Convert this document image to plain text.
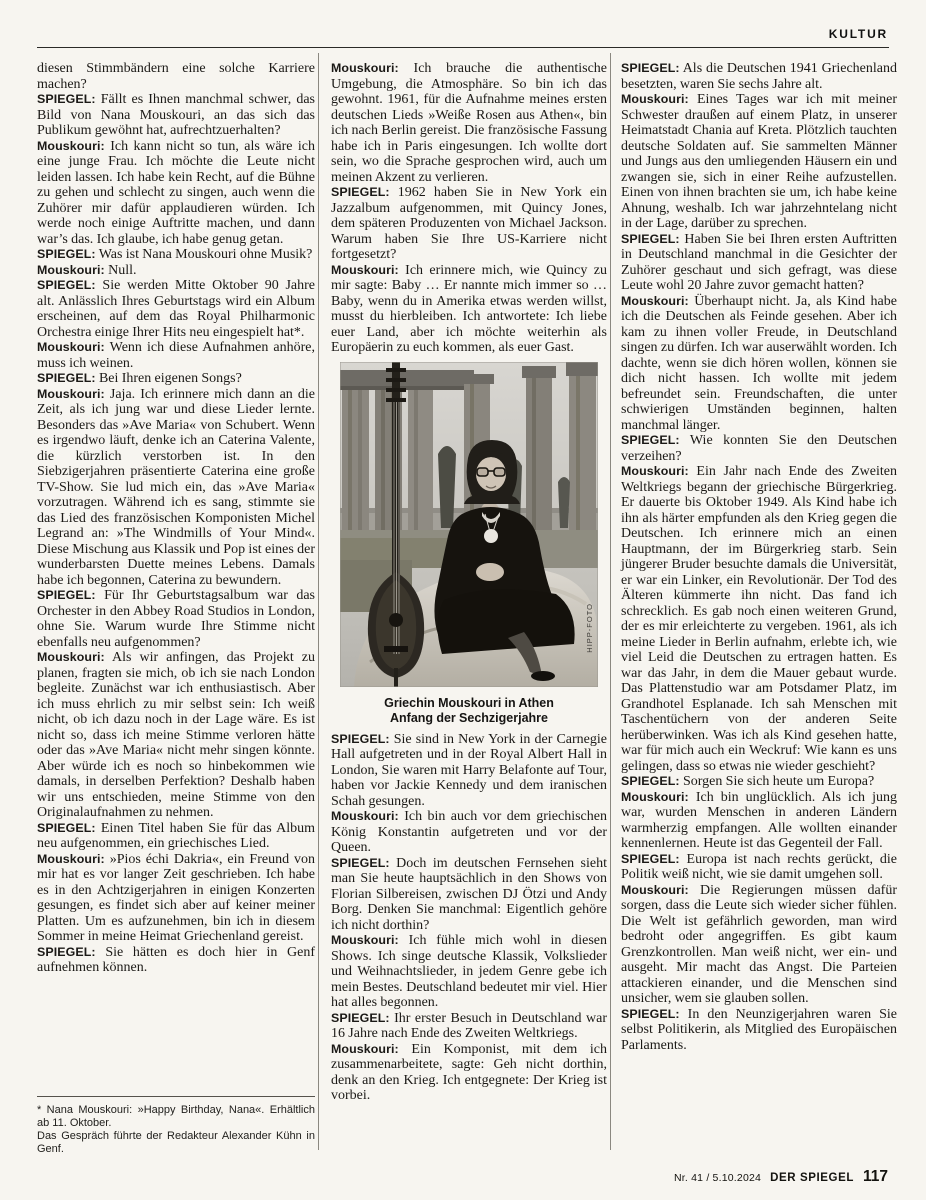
KULTUR

diesen Stimmbändern eine solche Karriere machen?

SPIEGEL: Fällt es Ihnen manchmal schwer, das Bild von Nana Mouskouri, an das sich das Publikum gewöhnt hat, aufrechtzuerhalten?

Mouskouri: Ich kann nicht so tun, als wäre ich eine junge Frau. Ich möchte die Leute nicht leiden lassen. Ich habe kein Recht, auf die Bühne zu gehen und schlecht zu singen, auch wenn die Zuhörer mir dafür applaudieren würden. Ich werde noch einige Auftritte machen, und dann war’s das. Ich glaube, ich habe genug getan.

SPIEGEL: Was ist Nana Mouskouri ohne Musik?

Mouskouri: Null.

SPIEGEL: Sie werden Mitte Oktober 90 Jahre alt. Anlässlich Ihres Geburtstags wird ein Album erscheinen, auf dem das Royal Philharmonic Orchestra einige Ihrer Hits neu eingespielt hat*.

Mouskouri: Wenn ich diese Aufnahmen anhöre, muss ich weinen.

SPIEGEL: Bei Ihren eigenen Songs?

Mouskouri: Jaja. Ich erinnere mich dann an die Zeit, als ich jung war und diese Lieder lernte. Besonders das »Ave Maria« von Schubert. Wenn es irgendwo läuft, denke ich an Caterina Valente, die kürzlich verstorben ist. In den Siebzigerjahren präsentierte Caterina eine große TV-Show. Sie lud mich ein, das »Ave Maria« vorzutragen. Während ich es sang, stimmte sie das Lied des französischen Komponisten Michel Legrand an: »The Windmills of Your Mind«. Diese Mischung aus Klassik und Pop ist eines der wunderbarsten Duette meines Lebens. Damals habe ich begonnen, Caterina zu bewundern.

SPIEGEL: Für Ihr Geburtstagsalbum war das Orchester in den Abbey Road Studios in London, ohne Sie. Warum wurde Ihre Stimme nicht ebenfalls neu aufgenommen?

Mouskouri: Als wir anfingen, das Projekt zu planen, fragten sie mich, ob ich sie nach London begleite. Zunächst war ich enthusiastisch. Aber ich muss ehrlich zu mir selbst sein: Ich weiß nicht, ob ich dazu noch in der Lage wäre. Es ist nicht so, dass ich meine Stimme verloren hätte oder das »Ave Maria« nicht mehr singen könnte. Aber würde ich es noch so hinbekommen wie damals, in derselben Perfektion? Deshalb haben wir uns entschieden, meine Stimme von den Originalaufnahmen zu nehmen.

SPIEGEL: Einen Titel haben Sie für das Album neu aufgenommen, ein griechisches Lied.

Mouskouri: »Pios échi Dakria«, ein Freund von mir hat es vor langer Zeit geschrieben. Ich habe es in den Achtzigerjahren in einigen Konzerten gesungen, es findet sich aber auf keiner meiner Platten. Um es aufzunehmen, bin ich in diesem Sommer in meine Heimat Griechenland gereist.

SPIEGEL: Sie hätten es doch hier in Genf aufnehmen können.

Mouskouri: Ich brauche die authentische Umgebung, die Atmosphäre. So bin ich das gewohnt. 1961, für die Aufnahme meines ersten deutschen Lieds »Weiße Rosen aus Athen«, bin ich nach Berlin gereist. Die französische Fassung habe ich in Paris eingesungen. Ich wollte dort sein, wo die Sprache gesprochen wird, auch um meinen Akzent zu verlieren.

SPIEGEL: 1962 haben Sie in New York ein Jazzalbum aufgenommen, mit Quincy Jones, dem späteren Produzenten von Michael Jackson. Warum haben Sie Ihre US-Karriere nicht fortgesetzt?

Mouskouri: Ich erinnere mich, wie Quincy zu mir sagte: Baby … Er nannte mich immer so … Baby, wenn du in Amerika etwas werden willst, musst du hierbleiben. Ich antwortete: Ich liebe euer Land, aber ich möchte weiterhin als Europäerin zu euch kommen, als euer Gast.

HIPP-FOTO
Griechin Mouskouri in Athen
Anfang der Sechzigerjahre

SPIEGEL: Sie sind in New York in der Carnegie Hall aufgetreten und in der Royal Albert Hall in London, Sie waren mit Harry Belafonte auf Tour, haben vor Jackie Kennedy und dem iranischen Schah gesungen.

Mouskouri: Ich bin auch vor dem griechischen König Konstantin aufgetreten und vor der Queen.

SPIEGEL: Doch im deutschen Fernsehen sieht man Sie heute hauptsächlich in den Shows von Florian Silbereisen, zwischen DJ Ötzi und Andy Borg. Denken Sie manchmal: Eigentlich gehöre ich nicht dorthin?

Mouskouri: Ich fühle mich wohl in diesen Shows. Ich singe deutsche Klassik, Volkslieder und Weihnachtslieder, in jedem Genre gebe ich mein Bestes. Deutschland bedeutet mir viel. Hier hat alles begonnen.

SPIEGEL: Ihr erster Besuch in Deutschland war 16 Jahre nach Ende des Zweiten Weltkriegs.

Mouskouri: Ein Komponist, mit dem ich zusammenarbeitete, sagte: Geh nicht dorthin, denk an den Krieg. Ich entgegnete: Der Krieg ist vorbei.

SPIEGEL: Als die Deutschen 1941 Griechenland besetzten, waren Sie sechs Jahre alt.

Mouskouri: Eines Tages war ich mit meiner Schwester draußen auf einem Platz, in unserer Heimatstadt Chania auf Kreta. Plötzlich tauchten deutsche Soldaten auf. Sie sammelten Männer und Jungs aus den umliegenden Häusern ein und zwangen sie, sich in einer Reihe aufzustellen. Einen von ihnen brachten sie um, ich habe keine Ahnung, weshalb. Ich war jahrzehntelang nicht in der Lage, darüber zu sprechen.

SPIEGEL: Haben Sie bei Ihren ersten Auftritten in Deutschland manchmal in die Gesichter der Zuhörer geschaut und sich gefragt, was diese Leute wohl 20 Jahre zuvor gemacht hatten?

Mouskouri: Überhaupt nicht. Ja, als Kind habe ich die Deutschen als Feinde gesehen. Aber ich kam zu ihnen voller Freude, in Deutschland singen zu dürfen. Ich war auserwählt worden. Ich dachte, wenn sie dich hören wollen, können sie dich nicht hassen. Ich wollte mit jedem befreundet sein. Freundschaften, die unter schwierigen Umständen beginnen, halten manchmal länger.

SPIEGEL: Wie konnten Sie den Deutschen verzeihen?

Mouskouri: Ein Jahr nach Ende des Zweiten Weltkriegs begann der griechische Bürgerkrieg. Er dauerte bis Oktober 1949. Als Kind habe ich ihn als härter empfunden als den Krieg gegen die Deutschen. Ich erinnere mich an einen Hauptmann, der im Bürgerkrieg starb. Sein jüngerer Bruder besuchte damals die Universität, er war ein Linker, ein Revolutionär. Der Tod des Älteren kümmerte ihn nicht. Das fand ich schrecklich. Es gab noch einen weiteren Grund, der es mir erleichterte zu vergeben. 1961, als ich meine Lieder in Berlin aufnahm, erlebte ich, wie viel Leid die Deutschen zu ertragen hatten. Es war das Jahr, in dem die Mauer gebaut wurde. Das Plattenstudio war am Potsdamer Platz, im Grandhotel Esplanade. Ich sah Menschen mit Taschentüchern von der anderen Seite herüberwinken. Was ich als Kind gesehen hatte, war für mich auch ein Weckruf: Wie kann es uns gelingen, dass so etwas nie wieder geschieht?

SPIEGEL: Sorgen Sie sich heute um Europa?

Mouskouri: Ich bin unglücklich. Als ich jung war, wurden Menschen in anderen Ländern warmherzig empfangen. Alle wollten einander kennenlernen. Heute ist das Gegenteil der Fall.

SPIEGEL: Europa ist nach rechts gerückt, die Politik weiß nicht, wie sie damit umgehen soll.

Mouskouri: Die Regierungen müssen dafür sorgen, dass die Leute sich wieder sicher fühlen. Die Welt ist gefährlich geworden, man wird bedroht oder angegriffen. Es gibt kaum Grenzkontrollen. Man weiß nicht, wer ein- und ausgeht. Mir macht das Angst. Die Parteien attackieren einander, und die Menschen sind unsicher, wem sie glauben sollen.

SPIEGEL: In den Neunzigerjahren waren Sie selbst Politikerin, als Mitglied des Europäischen Parlaments.

* Nana Mouskouri: »Happy Birthday, Nana«. Erhältlich ab 11. Oktober.

Das Gespräch führte der Redakteur Alexander Kühn in Genf.

Nr. 41 / 5.10.2024 DER SPIEGEL 117
